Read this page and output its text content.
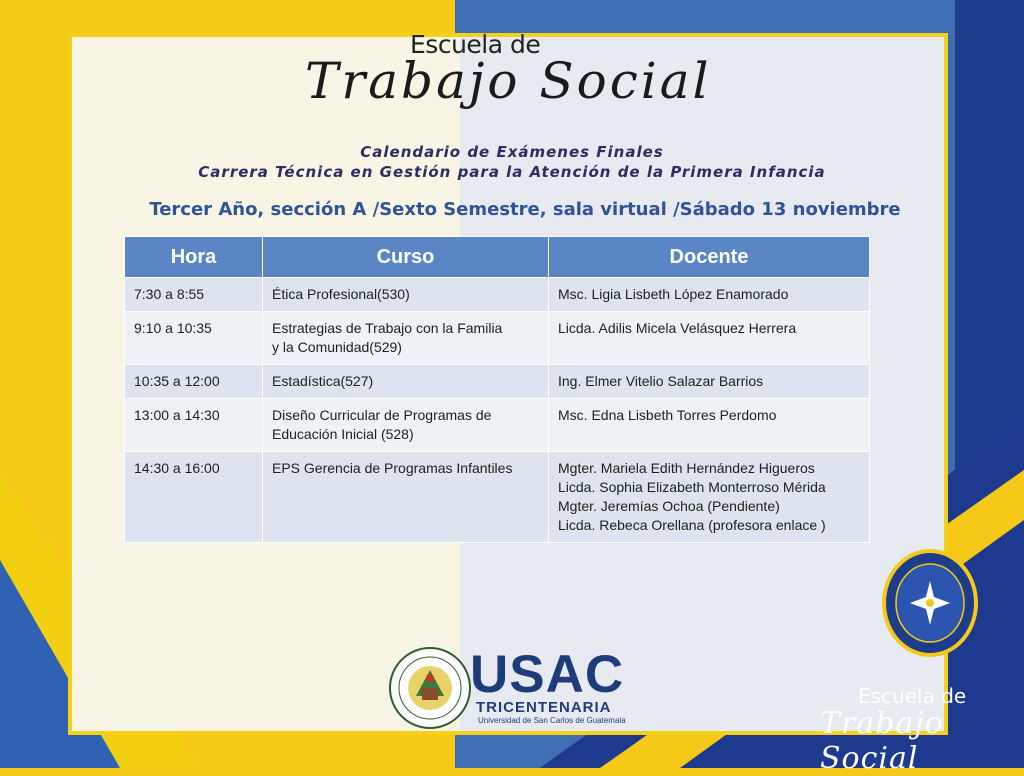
Escuela de
Trabajo Social
Calendario de Exámenes Finales
Carrera Técnica en Gestión para la Atención de la Primera Infancia
Tercer Año, sección A /Sexto Semestre, sala virtual /Sábado 13 noviembre
Hora	Curso	Docente
7:30 a 8:55	Ética Profesional(530)	Msc. Ligia Lisbeth López Enamorado

9:10 a 10:35	Estrategias de Trabajo con la Familia
y la Comunidad(529)	Licda. Adilis Micela Velásquez Herrera

10:35 a 12:00	Estadística(527)	Ing. Elmer Vitelio Salazar Barrios

13:00 a 14:30	Diseño Curricular de Programas de
Educación Inicial (528)	Msc. Edna Lisbeth Torres Perdomo

14:30 a 16:00	EPS Gerencia de Programas Infantiles	Mgter. Mariela Edith Hernández Higueros
Licda. Sophia Elizabeth Monterroso Mérida
Mgter. Jeremías Ochoa (Pendiente)
Licda. Rebeca Orellana (profesora enlace )
USAC
TRICENTENARIA
Universidad de San Carlos de Guatemala
Escuela de
Trabajo Social
